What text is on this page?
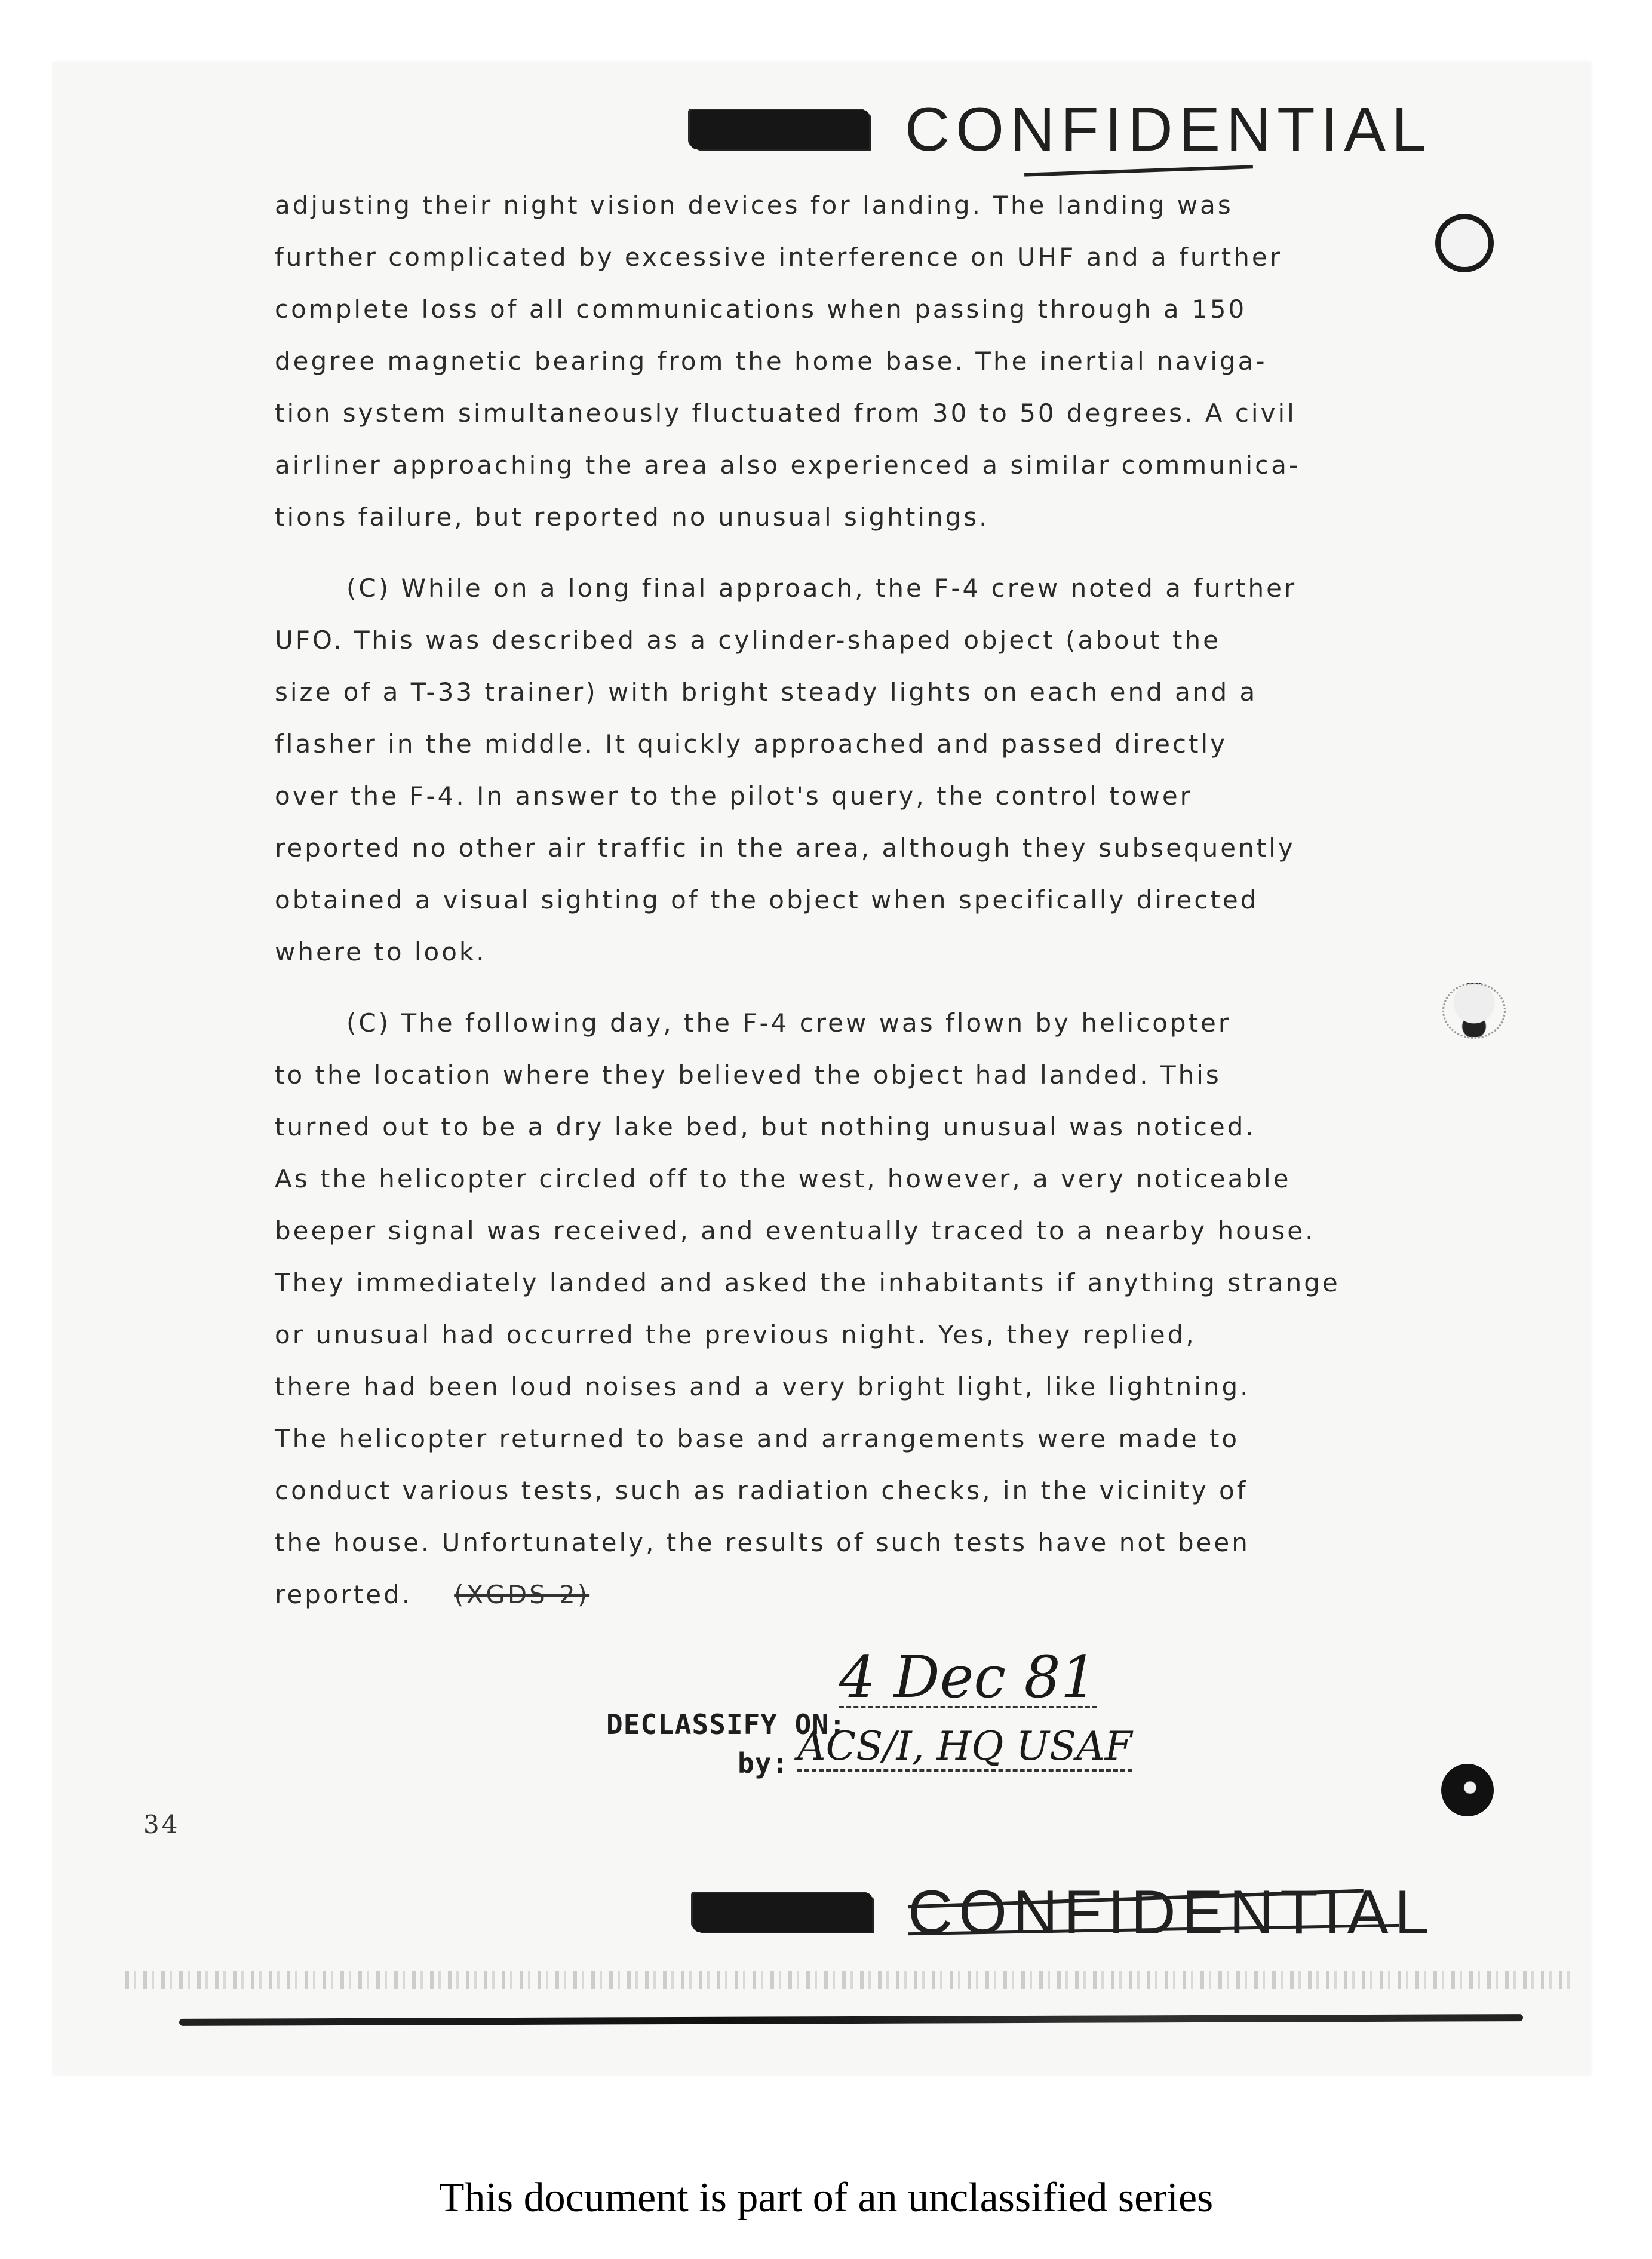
CONFIDENTIAL
adjusting their night vision devices for landing. The landing was
further complicated by excessive interference on UHF and a further
complete loss of all communications when passing through a 150
degree magnetic bearing from the home base. The inertial naviga-
tion system simultaneously fluctuated from 30 to 50 degrees. A civil
airliner approaching the area also experienced a similar communica-
tions failure, but reported no unusual sightings.
(C) While on a long final approach, the F-4 crew noted a further
UFO. This was described as a cylinder-shaped object (about the
size of a T-33 trainer) with bright steady lights on each end and a
flasher in the middle. It quickly approached and passed directly
over the F-4. In answer to the pilot's query, the control tower
reported no other air traffic in the area, although they subsequently
obtained a visual sighting of the object when specifically directed
where to look.
(C) The following day, the F-4 crew was flown by helicopter
to the location where they believed the object had landed. This
turned out to be a dry lake bed, but nothing unusual was noticed.
As the helicopter circled off to the west, however, a very noticeable
beeper signal was received, and eventually traced to a nearby house.
They immediately landed and asked the inhabitants if anything strange
or unusual had occurred the previous night. Yes, they replied,
there had been loud noises and a very bright light, like lightning.
The helicopter returned to base and arrangements were made to
conduct various tests, such as radiation checks, in the vicinity of
the house. Unfortunately, the results of such tests have not been
reported. (XGDS-2)
DECLASSIFY ON:
4 Dec 81
by: ACS/I, HQ USAF
34
CONFIDENTIAL
This document is part of an unclassified series
